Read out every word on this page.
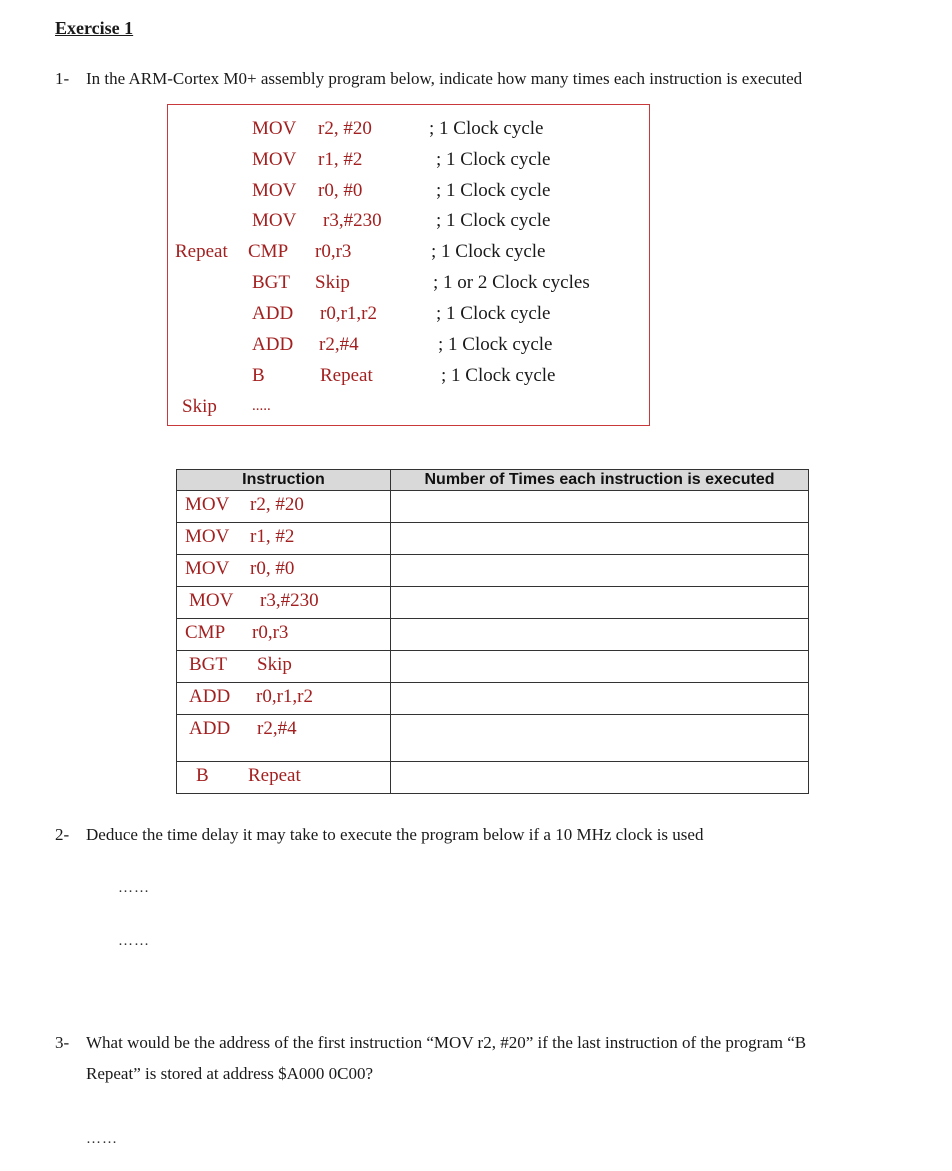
Exercise 1
1- In the ARM-Cortex M0+ assembly program below, indicate how many times each instruction is executed
MOV r2, #20	; 1 Clock cycle
MOV r1, #2	; 1 Clock cycle
MOV r0, #0	; 1 Clock cycle
MOV r3,#230	; 1 Clock cycle
Repeat CMP r0,r3	; 1 Clock cycle
BGT Skip	; 1 or 2 Clock cycles
ADD r0,r1,r2	; 1 Clock cycle
ADD r2,#4	; 1 Clock cycle
B	Repeat	; 1 Clock cycle
Skip .....
Instruction	Number of Times each instruction is executed

MOV r2, #20	

MOV r1, #2	

MOV r0, #0	

MOV r3,#230	

CMP r0,r3	

BGT Skip	

ADD r0,r1,r2	

ADD r2,#4	

B Repeat	

2- Deduce the time delay it may take to execute the program below if a 10 MHz clock is used
……
……
3- What would be the address of the first instruction “MOV r2, #20” if the last instruction of the program “B
Repeat” is stored at address $A000 0C00?
……
